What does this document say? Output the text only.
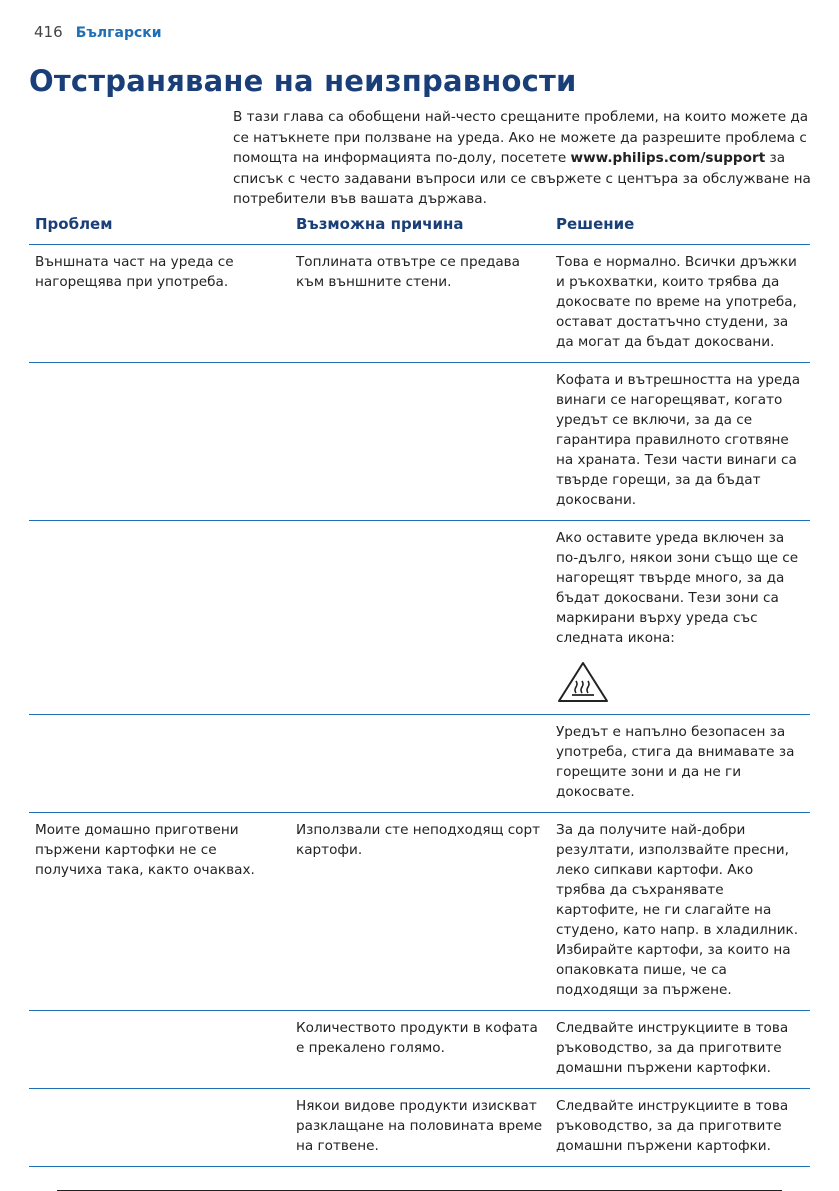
416 Български
Отстраняване на неизправности
В тази глава са обобщени най-често срещаните проблеми, на които можете да се натъкнете при ползване на уреда. Ако не можете да разрешите проблема с помощта на информацията по-долу, посетете www.philips.com/support за списък с често задавани въпроси или се свържете с центъра за обслужване на потребители във вашата държава.
Проблем	Възможна причина	Решение
Външната част на уреда се нагорещява при употреба.	Топлината отвътре се предава към външните стени.	Това е нормално. Всички дръжки и ръкохватки, които трябва да докосвате по време на употреба, остават достатъчно студени, за да могат да бъдат докосвани.
		Кофата и вътрешността на уреда винаги се нагорещяват, когато уредът се включи, за да се гарантира правилното сготвяне на храната. Тези части винаги са твърде горещи, за да бъдат докосвани.

		Ако оставите уреда включен за по-дълго, някои зони също ще се нагорещят твърде много, за да бъдат докосвани. Тези зони са маркирани върху уреда със следната икона:

		Уредът е напълно безопасен за употреба, стига да внимавате за горещите зони и да не ги докосвате.
Моите домашно приготвени пържени картофки не се получиха така, както очаквах.	Използвали сте неподходящ сорт картофи.	За да получите най-добри резултати, използвайте пресни, леко сипкави картофи. Ако трябва да съхранявате картофите, не ги слагайте на студено, като напр. в хладилник. Избирайте картофи, за които на опаковката пише, че са подходящи за пържене.
	Количеството продукти в кофата е прекалено голямо.	Следвайте инструкциите в това ръководство, за да приготвите домашни пържени картофки.
	Някои видове продукти изискват разклащане на половината време на готвене.	Следвайте инструкциите в това ръководство, за да приготвите домашни пържени картофки.
